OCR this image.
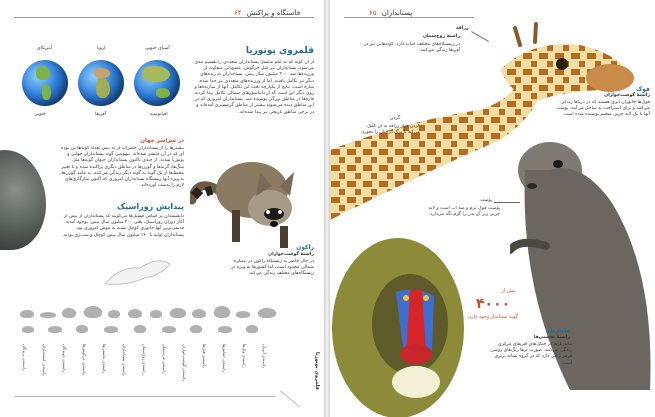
۶۴ خاستگاه و پراکنش
آمریکای	اروپا	آسیای جنوبی
جنوبی	آفریقا	اقیانوسیه
قلمروی پوتوریا
از آن گونه که به علم منتسل پستانداران متعددی را تقسیم بندی می‌شود، پستانداران نیز مثل خرگوش، عصویاتی متفاوت از ورزیده‌ها شد. ۲۰۰ میلیون سال پیش. پستانداران به زنده‌های دیگر نیز تکامل یافتند، اما از ورزیده‌های متعددی نیز جدا شده، ساره است. نتایج از یکپارچه تحت این تکامل. آنها از سازنده‌ها و روی دیگر این است که از دایناسورهای شمالی تکامل پیدا کردند. قاره‌ها در مناطق بزرگی پوشیده شد. پستانداران امروزی که در این مناطق دیده می‌شوند بیشتر از مناطق گرمسیری آمده‌اند و در برخی مناطق تاریخی نیز پیدا شده‌اند.
در سراسر جهان
بیشترها را از پستانداران حشرات از به بیش تعداد گونه‌ها نی بوده ای که در آن منتشر شده‌اند. بیهوشی گونه پستانداران جهانی و پوتوریا شدند. از چندی تاکنون پستانداران حیوان گونه‌ها مثل سگ‌ها، گربه‌ها و گوزن‌ها در مناطق دیگری پراکنده شده و با تغییر محیط‌ها از یک گونه به گونه دیگر زندگی می‌کنند، به مانند گوزن‌ها، به ویژه آنها زیستگاه پستانداران امروزی که اکنون سازگاری‌های لازم را بدست آورده‌اند.
پیدایش زوراسیک
دانشمندان بر اساس فسیل‌ها می‌گویند که پستانداران از پیش از آغاز دوران ژوراسیک، یعنی ۲۰۰ میلیون سال پیش، بوجود آمدند. قدیمی‌ترین آنها جانوری کوچک شبیه به موش امروزی بود. پستانداران اولیه تا ۱۴۰ میلیون سال پیش کوچک و شب‌زی بودند.
راکون
راستهٔ گوشت‌خواران
در حال حاضر به زیستگاه راکون در نیمکره شمالی محدود است، اما کشورها به ویژه در زیستگاه‌های مختلف زندگی می‌کند.
راسته‌ی پرندگان	راسته‌ی کیسه‌داران	راسته‌ی جوندگان	راسته‌ی خرگوش‌ها	راسته‌ی نخستی‌ها	راسته‌ی پستانداران	راسته‌ی زوج‌سمان	راسته‌ی فردسمان	راسته‌ی گوشت‌خواران	راسته‌ی فیل‌ها	راسته‌ی خفاش‌ها	راسته‌ی وال‌ها	راسته‌ی آبزیان	قلمروی پوتوریا
پستانداران ۶۵
زرافه
راستهٔ زوج‌سمان
در زیستگاه‌های مختلف حیات دارد. گونه‌هایی نیز در آفریقا زندگی می‌کنند.
گردن
گردن دراز زرافه به آن کمک می‌کند تا برگ درختان را بخورد.
فوک
راستهٔ گوشت‌خواران
فوک‌ها جانوران آبزی هستند که در دریاها زندگی می‌کنند و برای استراحت به ساحل می‌آیند. پوست آنها با یک لایه چربی ضخیم پوشیده شده است.
پوست
پوست فوک نرم و ضد آب است و لایه چربی زیر آن بدن را گرم نگه می‌دارد.
بیش از
۴۰۰۰
گونه پستاندار وجود دارد.
ماندریل
راستهٔ نخستی‌ها
ماندریل‌ها در جنگل‌های آفریقای مرکزی زندگی می‌کنند. صورت نرها رنگ‌های روشن قرمز و آبی دارد که در گروه نشانه برتری است.
